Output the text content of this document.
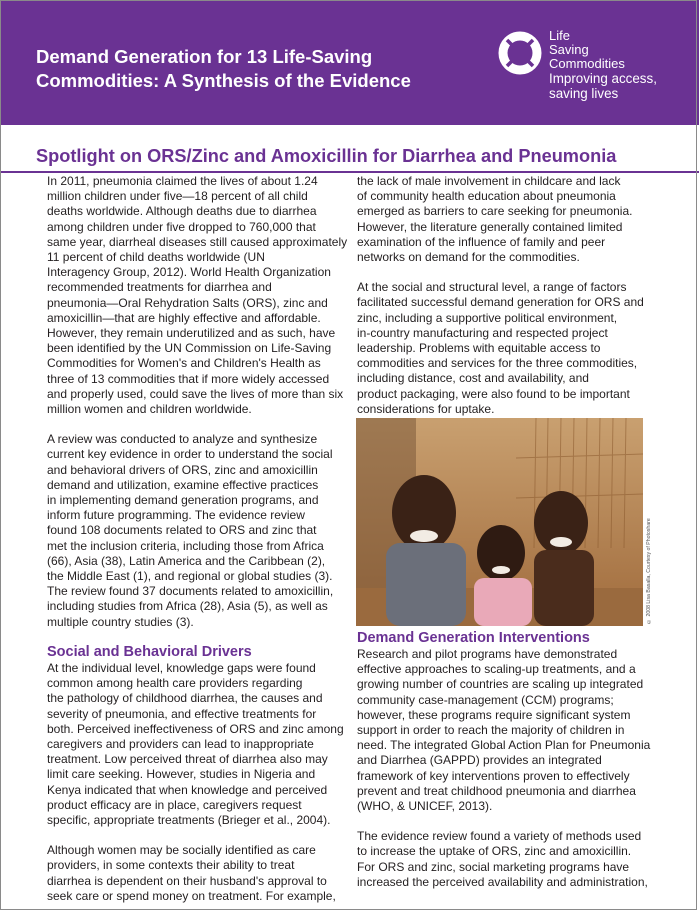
Demand Generation for 13 Life-Saving
Commodities: A Synthesis of the Evidence
Life
Saving
Commodities
Improving access,
saving lives
Spotlight on ORS/Zinc and Amoxicillin for Diarrhea and Pneumonia

In 2011, pneumonia claimed the lives of about 1.24
million children under five—18 percent of all child
deaths worldwide. Although deaths due to diarrhea
among children under five dropped to 760,000 that
same year, diarrheal diseases still caused approximately
11 percent of child deaths worldwide (UN
Interagency Group, 2012). World Health Organization
recommended treatments for diarrhea and
pneumonia—Oral Rehydration Salts (ORS), zinc and
amoxicillin—that are highly effective and affordable.
However, they remain underutilized and as such, have
been identified by the UN Commission on Life-Saving
Commodities for Women's and Children's Health as
three of 13 commodities that if more widely accessed
and properly used, could save the lives of more than six
million women and children worldwide.

A review was conducted to analyze and synthesize
current key evidence in order to understand the social
and behavioral drivers of ORS, zinc and amoxicillin
demand and utilization, examine effective practices
in implementing demand generation programs, and
inform future programming. The evidence review
found 108 documents related to ORS and zinc that
met the inclusion criteria, including those from Africa
(66), Asia (38), Latin America and the Caribbean (2),
the Middle East (1), and regional or global studies (3).
The review found 37 documents related to amoxicillin,
including studies from Africa (28), Asia (5), as well as
multiple country studies (3).

Social and Behavioral Drivers

At the individual level, knowledge gaps were found
common among health care providers regarding
the pathology of childhood diarrhea, the causes and
severity of pneumonia, and effective treatments for
both. Perceived ineffectiveness of ORS and zinc among
caregivers and providers can lead to inappropriate
treatment. Low perceived threat of diarrhea also may
limit care seeking. However, studies in Nigeria and
Kenya indicated that when knowledge and perceived
product efficacy are in place, caregivers request
specific, appropriate treatments (Brieger et al., 2004).

Although women may be socially identified as care
providers, in some contexts their ability to treat
diarrhea is dependent on their husband's approval to
seek care or spend money on treatment. For example,

the lack of male involvement in childcare and lack
of community health education about pneumonia
emerged as barriers to care seeking for pneumonia.
However, the literature generally contained limited
examination of the influence of family and peer
networks on demand for the commodities.

At the social and structural level, a range of factors
facilitated successful demand generation for ORS and
zinc, including a supportive political environment,
in-country manufacturing and respected project
leadership. Problems with equitable access to
commodities and services for the three commodities,
including distance, cost and availability, and
product packaging, were also found to be important
considerations for uptake.

© 2008 Lisa Basalla, Courtesy of Photoshare
Demand Generation Interventions

Research and pilot programs have demonstrated
effective approaches to scaling-up treatments, and a
growing number of countries are scaling up integrated
community case-management (CCM) programs;
however, these programs require significant system
support in order to reach the majority of children in
need. The integrated Global Action Plan for Pneumonia
and Diarrhea (GAPPD) provides an integrated
framework of key interventions proven to effectively
prevent and treat childhood pneumonia and diarrhea
(WHO, & UNICEF, 2013).

The evidence review found a variety of methods used
to increase the uptake of ORS, zinc and amoxicillin.
For ORS and zinc, social marketing programs have
increased the perceived availability and administration,
